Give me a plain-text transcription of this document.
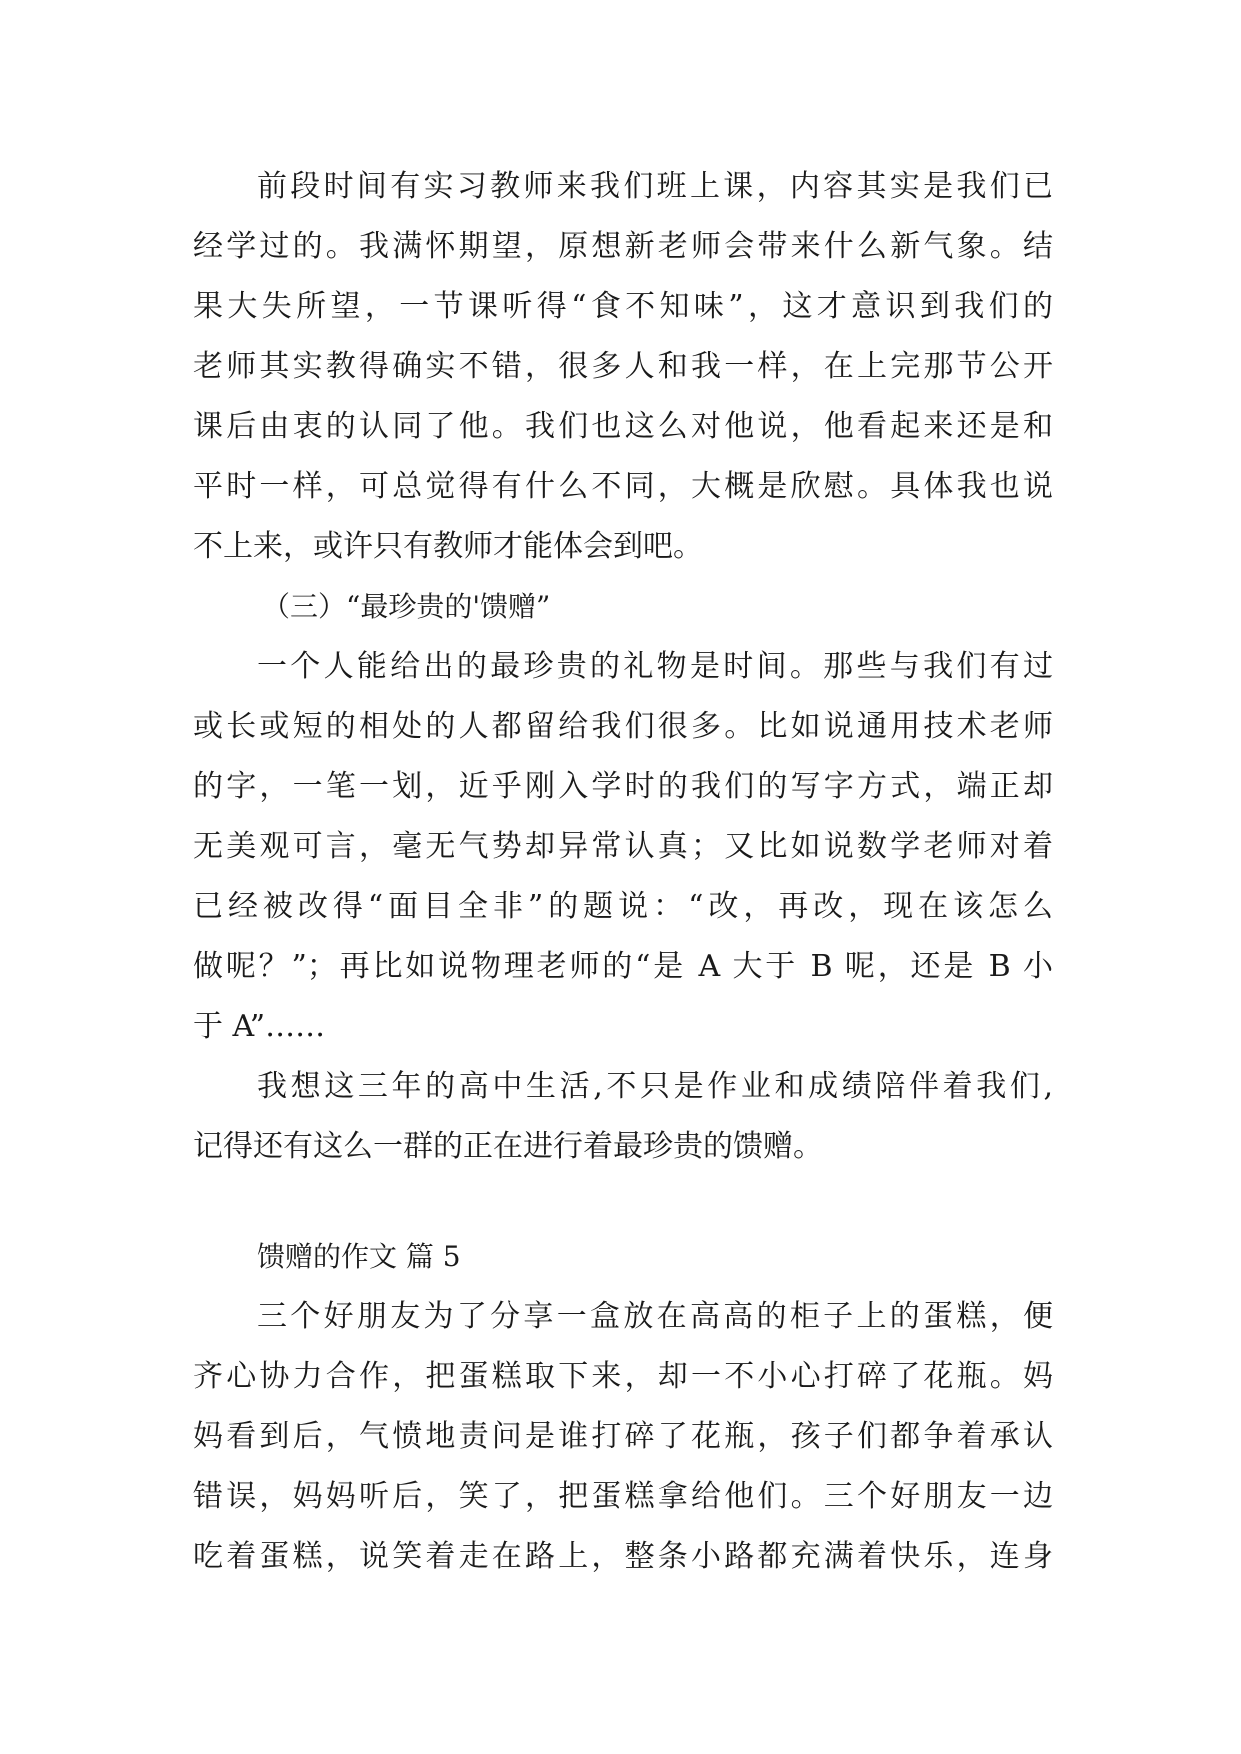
前段时间有实习教师来我们班上课，内容其实是我们已
经学过的。我满怀期望，原想新老师会带来什么新气象。结
果大失所望，一节课听得“食不知味”，这才意识到我们的
老师其实教得确实不错，很多人和我一样，在上完那节公开
课后由衷的认同了他。我们也这么对他说，他看起来还是和
平时一样，可总觉得有什么不同，大概是欣慰。具体我也说
不上来，或许只有教师才能体会到吧。
（三）“最珍贵的'馈赠”
一个人能给出的最珍贵的礼物是时间。那些与我们有过
或长或短的相处的人都留给我们很多。比如说通用技术老师
的字，一笔一划，近乎刚入学时的我们的写字方式，端正却
无美观可言，毫无气势却异常认真；又比如说数学老师对着
已经被改得“面目全非”的题说：“改，再改，现在该怎么
做呢？”；再比如说物理老师的“是 A 大于 B 呢，还是 B 小
于 A”……
我想这三年的高中生活,不只是作业和成绩陪伴着我们,
记得还有这么一群的正在进行着最珍贵的馈赠。
馈赠的作文 篇 5
三个好朋友为了分享一盒放在高高的柜子上的蛋糕，便
齐心协力合作，把蛋糕取下来，却一不小心打碎了花瓶。妈
妈看到后，气愤地责问是谁打碎了花瓶，孩子们都争着承认
错误，妈妈听后，笑了，把蛋糕拿给他们。三个好朋友一边
吃着蛋糕，说笑着走在路上，整条小路都充满着快乐，连身
